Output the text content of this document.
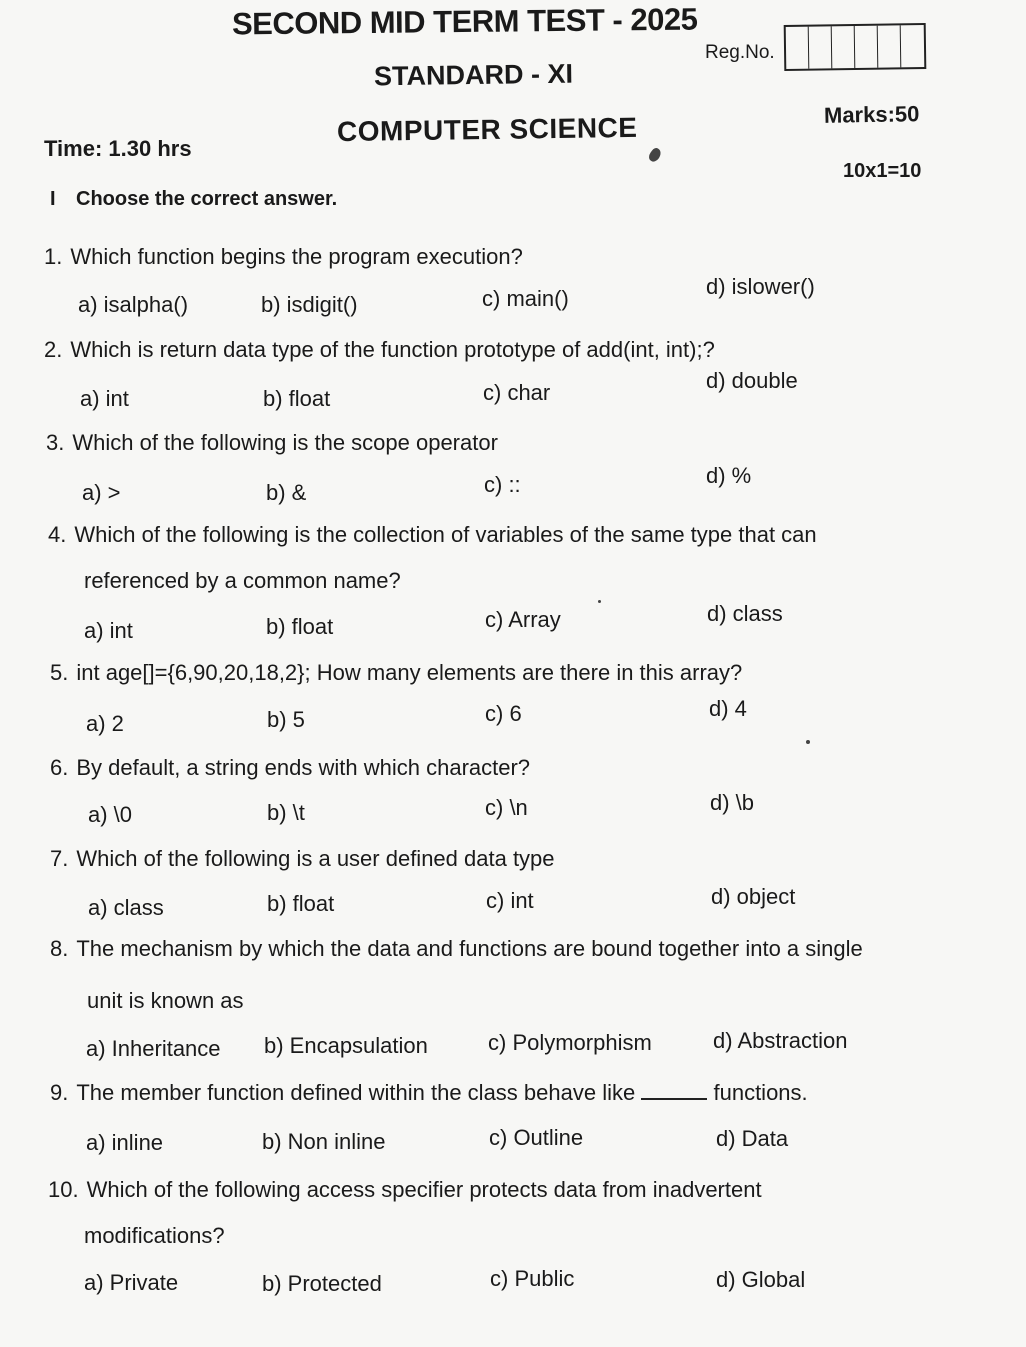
SECOND MID TERM TEST - 2025
STANDARD - XI
COMPUTER SCIENCE
Reg.No.
Time: 1.30 hrs
Marks:50
10x1=10
I Choose the correct answer.
1. Which function begins the program execution?
a) isalpha()	b) isdigit()	c) main()	d) islower()
2. Which is return data type of the function prototype of add(int, int);?
a) int	b) float	c) char	d) double
3. Which of the following is the scope operator
a) >	b) &	c) ::	d) %
4. Which of the following is the collection of variables of the same type that can
referenced by a common name?
a) int	b) float	c) Array	d) class
5. int age[]={6,90,20,18,2}; How many elements are there in this array?
a) 2	b) 5	c) 6	d) 4
6. By default, a string ends with which character?
a) \0	b) \t	c) \n	d) \b
7. Which of the following is a user defined data type
a) class	b) float	c) int	d) object
8. The mechanism by which the data and functions are bound together into a single
unit is known as
a) Inheritance b) Encapsulation	c) Polymorphism	d) Abstraction
9. The member function defined within the class behave like	functions.
a) inline	b) Non inline	c) Outline	d) Data
10. Which of the following access specifier protects data from inadvertent
modifications?
a) Private	b) Protected	c) Public	d) Global
